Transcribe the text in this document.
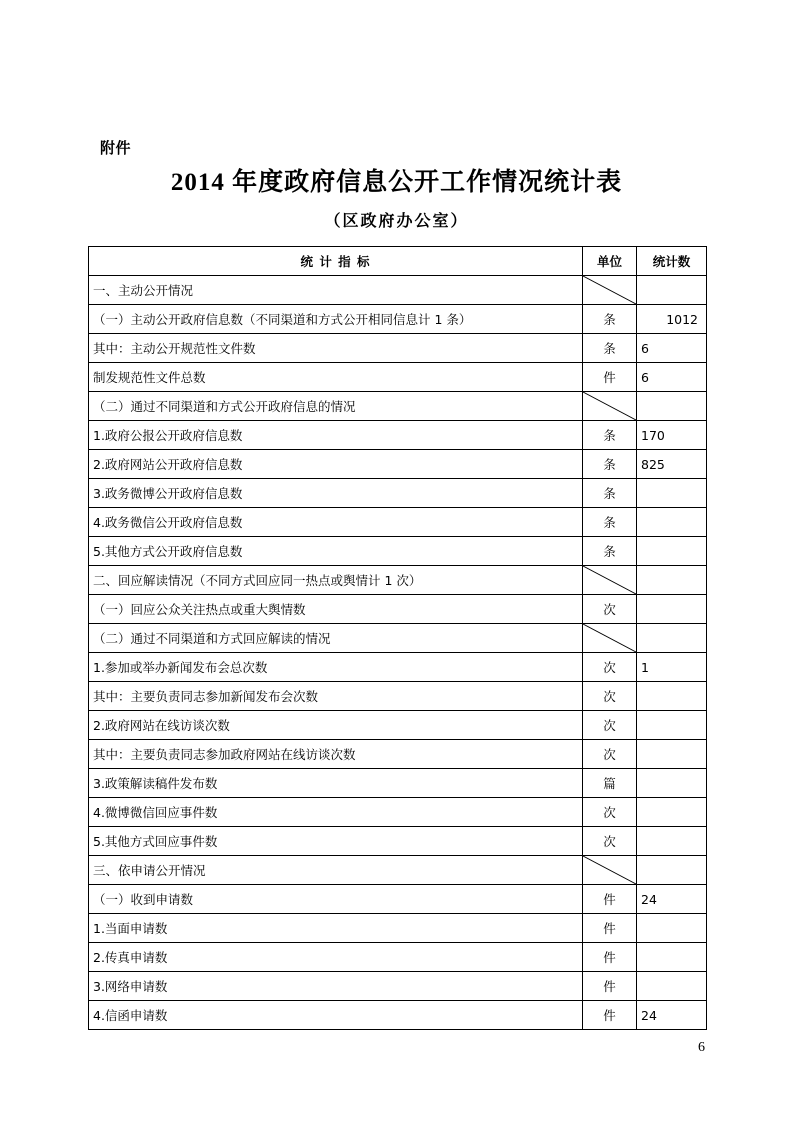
附件
2014 年度政府信息公开工作情况统计表
（区政府办公室）
统 计 指 标	单位	统计数
一、主动公开情况	

（一）主动公开政府信息数（不同渠道和方式公开相同信息计 1 条）	条	1012
其中：主动公开规范性文件数	条	6
制发规范性文件总数	件	6
（二）通过不同渠道和方式公开政府信息的情况	

1.政府公报公开政府信息数	条	170
2.政府网站公开政府信息数	条	825
3.政务微博公开政府信息数	条	
4.政务微信公开政府信息数	条	
5.其他方式公开政府信息数	条	
二、回应解读情况（不同方式回应同一热点或舆情计 1 次）	

（一）回应公众关注热点或重大舆情数	次	
（二）通过不同渠道和方式回应解读的情况	

1.参加或举办新闻发布会总次数	次	1
其中：主要负责同志参加新闻发布会次数	次	
2.政府网站在线访谈次数	次	
其中：主要负责同志参加政府网站在线访谈次数	次	
3.政策解读稿件发布数	篇	
4.微博微信回应事件数	次	
5.其他方式回应事件数	次	
三、依申请公开情况	

（一）收到申请数	件	24
1.当面申请数	件	
2.传真申请数	件	
3.网络申请数	件	
4.信函申请数	件	24
6
